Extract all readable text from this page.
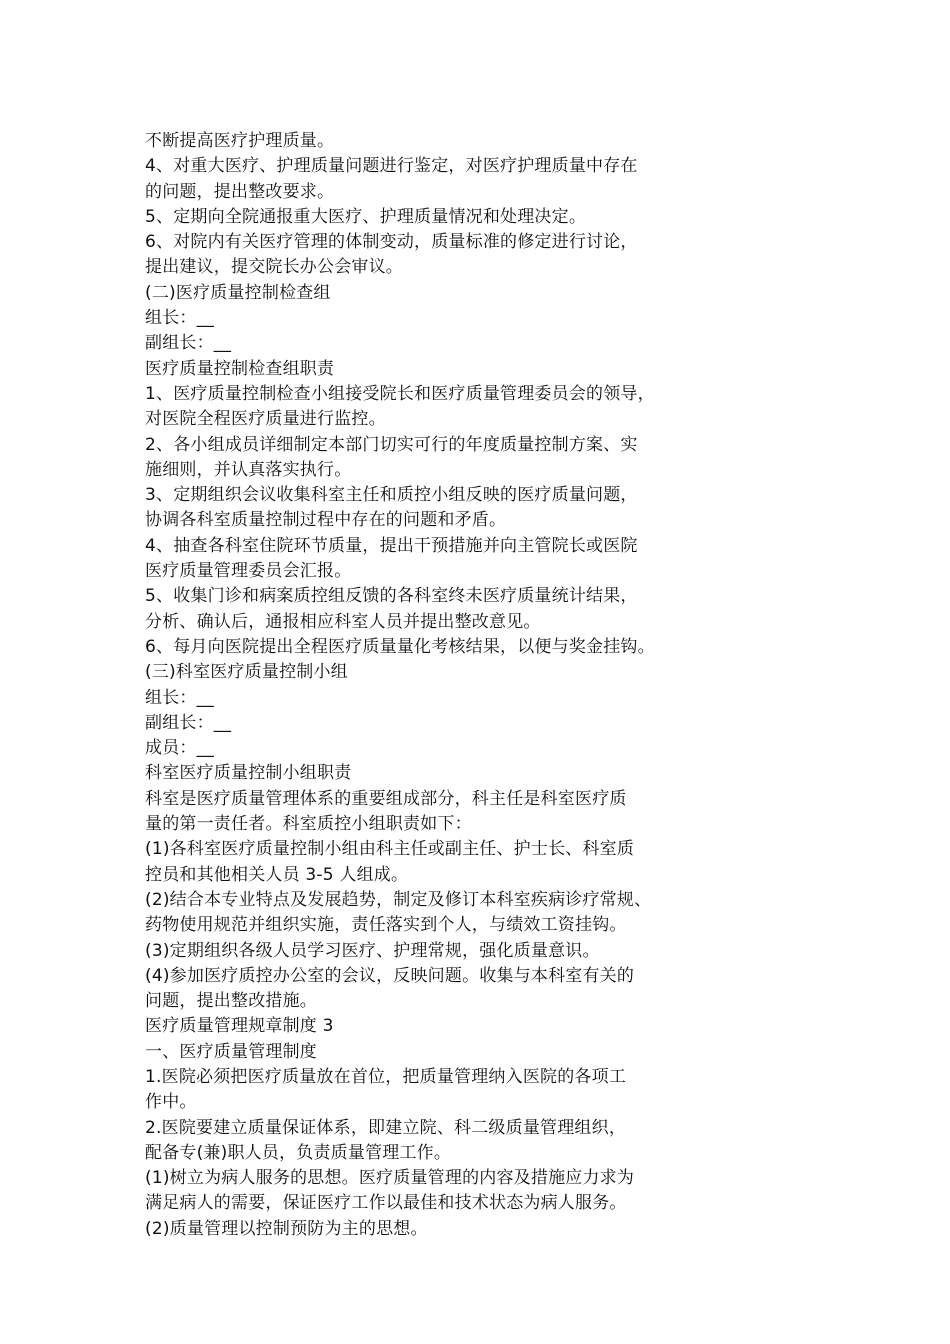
不断提高医疗护理质量。
4、对重大医疗、护理质量问题进行鉴定，对医疗护理质量中存在
的问题，提出整改要求。
5、定期向全院通报重大医疗、护理质量情况和处理决定。
6、对院内有关医疗管理的体制变动，质量标准的修定进行讨论，
提出建议，提交院长办公会审议。
(二)医疗质量控制检查组
组长：__
副组长：__
医疗质量控制检查组职责
1、医疗质量控制检查小组接受院长和医疗质量管理委员会的领导，
对医院全程医疗质量进行监控。
2、各小组成员详细制定本部门切实可行的年度质量控制方案、实
施细则，并认真落实执行。
3、定期组织会议收集科室主任和质控小组反映的医疗质量问题，
协调各科室质量控制过程中存在的问题和矛盾。
4、抽查各科室住院环节质量，提出干预措施并向主管院长或医院
医疗质量管理委员会汇报。
5、收集门诊和病案质控组反馈的各科室终未医疗质量统计结果，
分析、确认后，通报相应科室人员并提出整改意见。
6、每月向医院提出全程医疗质量量化考核结果，以便与奖金挂钩。
(三)科室医疗质量控制小组
组长：__
副组长：__
成员：__
科室医疗质量控制小组职责
科室是医疗质量管理体系的重要组成部分，科主任是科室医疗质
量的第一责任者。科室质控小组职责如下：
(1)各科室医疗质量控制小组由科主任或副主任、护士长、科室质
控员和其他相关人员 3-5 人组成。
(2)结合本专业特点及发展趋势，制定及修订本科室疾病诊疗常规、
药物使用规范并组织实施，责任落实到个人，与绩效工资挂钩。
(3)定期组织各级人员学习医疗、护理常规，强化质量意识。
(4)参加医疗质控办公室的会议，反映问题。收集与本科室有关的
问题，提出整改措施。
医疗质量管理规章制度 3
一、医疗质量管理制度
1.医院必须把医疗质量放在首位，把质量管理纳入医院的各项工
作中。
2.医院要建立质量保证体系，即建立院、科二级质量管理组织，
配备专(兼)职人员，负责质量管理工作。
(1)树立为病人服务的思想。医疗质量管理的内容及措施应力求为
满足病人的需要，保证医疗工作以最佳和技术状态为病人服务。
(2)质量管理以控制预防为主的思想。
